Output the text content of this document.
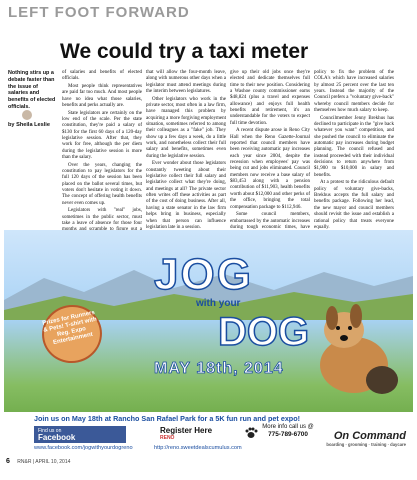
LEFT FOOT FORWARD
We could try a taxi meter
Nothing stirs up a debate faster than the issue of salaries and benefits of elected officials.
by Sheila Leslie

of salaries and benefits of elected officials.

Most people think representatives are paid far too much. And most people have no idea what those salaries, benefits and perks actually are.

State legislators are certainly on the low end of the scale. Per the state constitution, they're paid a salary of $130 for the first 60 days of a 120-day legislative session. After that, they work for free, although the per diem during the legislative session is more than the salary.

Over the years, changing the constitution to pay legislators for the full 120 days of the session has been placed on the ballot several times, but voters don't hesitate in voting it down. The concept of offering health benefits never even comes up.

Legislators with "real" jobs, sometimes in the public sector, must take a leave of absence for those four

that will allow the four-month leave, along with numerous other days when a legislator must attend meetings during the interim between legislatures.

Other legislators who work in the private sector, most often in a law firm, have managed this problem by acquiring a more forgiving employment situation, sometimes referred to among their colleagues as a "fake" job. They show up a few days a week, do a little work, and nonetheless collect their full salary and benefits, sometimes even during the legislative session.

Ever wonder about those legislators constantly tweeting about their legislative collect their full salary and legislative collect what they're doing, and meetings at all? The private sector often writes off these activities as part of the cost of doing business. After all, having a state senator in the law firm helps bring in business, especially when that person can influence legislation late in a session.

give up their old jobs once they're elected and dedicate themselves full time to their new position. Considering a Washoe county commissioner earns $48,824 (plus a travel and expenses allowance) and enjoys full health benefits and retirement, it's an understandable for the voters to expect full time devotion.

A recent dispute arose in Reno City Hall when the Reno Gazette-Journal reported that council members have been receiving automatic pay increases each year since 2004, despite the recession when employees' pay was being cut and jobs eliminated. Council members now receive a base salary of $83,453 along with a pension contribution of $11,903, health benefits worth about $12,000 and other perks of the office, bringing the total compensation package to $112,946.

Some council members, embarrassed by the automatic increases during tough economic times, have

policy to fix the problem of the COLA's which have increased salaries by almost 25 percent over the last ten years. Instead the majority of the Council prefers a "voluntary give-back" whereby council members decide for themselves how much salary to keep.

Councilmember Jenny Brekhus has declined to participate in the "give back whatever you want" competition, and she pushed the council to eliminate the automatic pay increases during budget planning. The council refused and instead proceeded with their individual decisions to return anywhere from $1,900 to $10,000 in salary and benefits.

At a protest to the ridiculous default policy of voluntary give-backs, Brekhus accepts the full salary and benefits package. Following her lead, the new mayor and council members should revisit the issue and establish a rational policy that treats everyone equally.

Prizes for Runners & Pets! T-shirt with Reg. Expo Entertainment
JOG
with your
DOG
MAY 18th, 2014
Join us on May 18th at Rancho San Rafael Park for a 5K fun run and pet expo!
Find us on
Facebook
www.facebook.com/jogwithyourdogreno
Register Here
RENO
http://reno.sweetdealscumulus.com
More info call us @
775-789-6700	On Command
boarding · grooming · training · daycare
6 RN&R | APRIL 10, 2014
